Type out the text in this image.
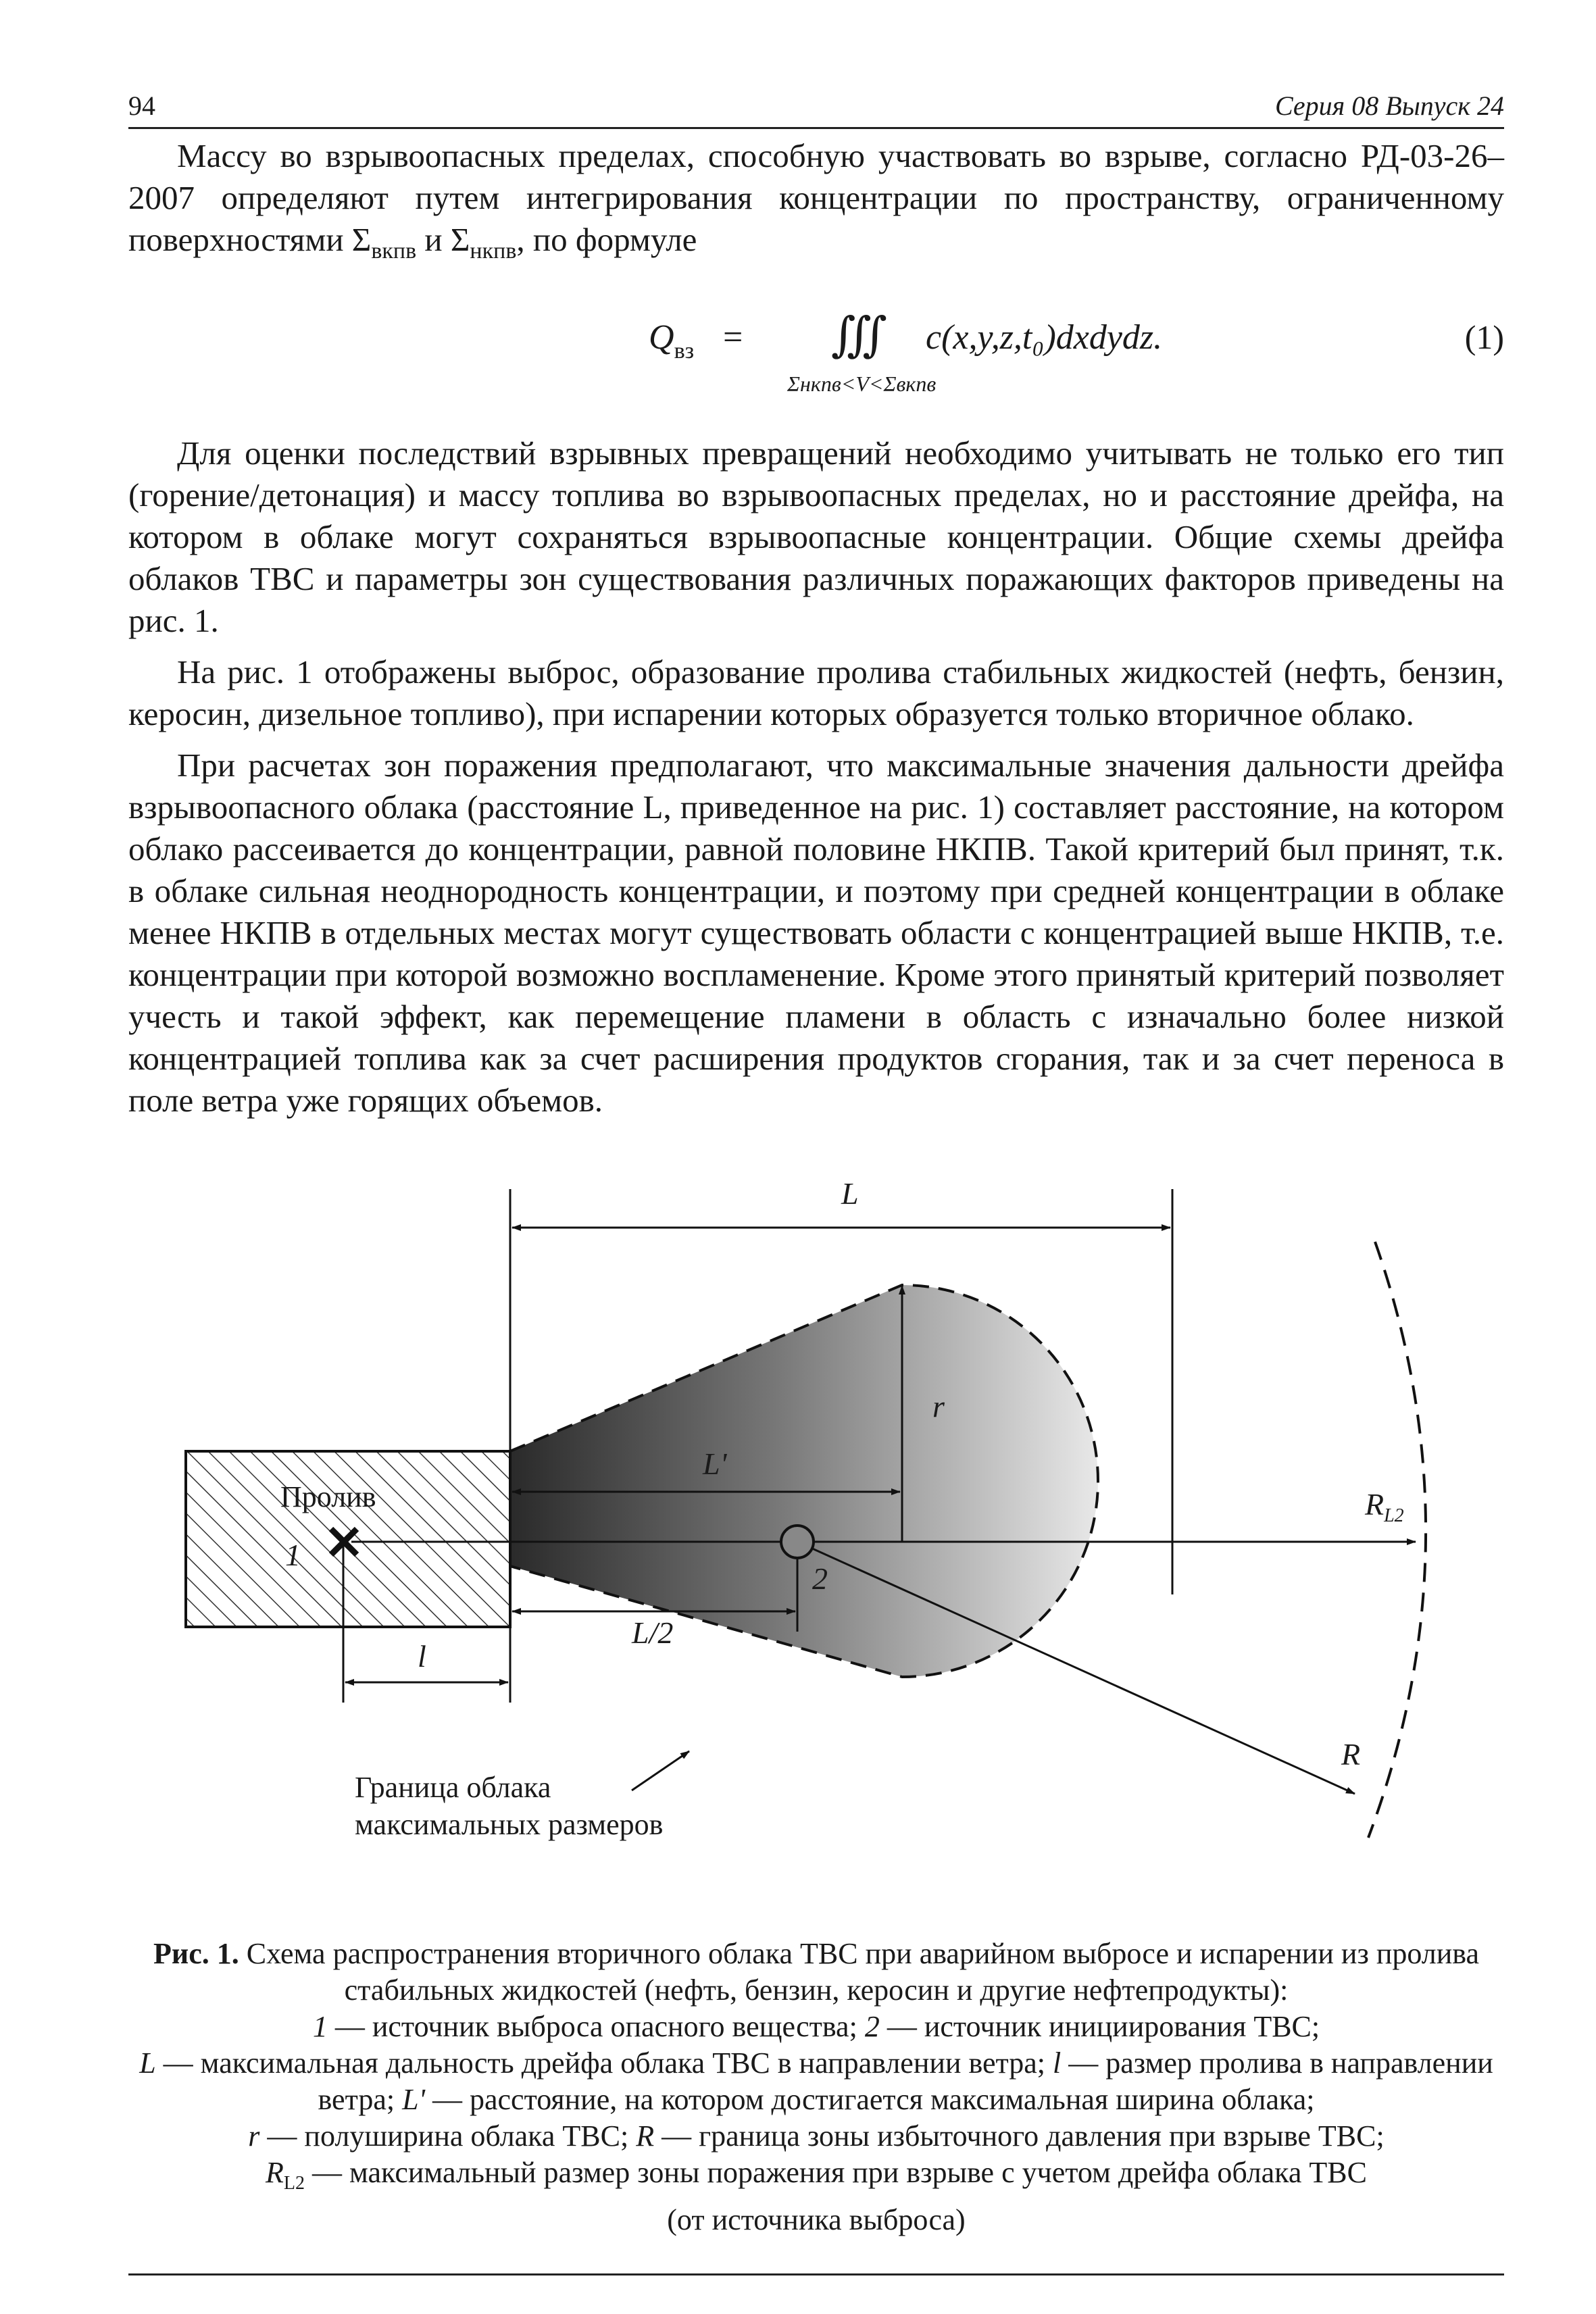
94	Серия 08 Выпуск 24

Массу во взрывоопасных пределах, способную участвовать во взрыве, согласно РД-03-26–2007 определяют путем интегрирования концентрации по пространству, ограниченному поверхностями $\Sigma_{вкпв}$ и $\Sigma_{нкпв}$, по формуле

$Q_{вз}$ = ∭ c(x,y,z,t₀)dxdydz.
Σнкпв<V<Σвкпв
(1)

Для оценки последствий взрывных превращений необходимо учитывать не только его тип (горение/детонация) и массу топлива во взрывоопасных пределах, но и расстояние дрейфа, на котором в облаке могут сохраняться взрывоопасные концентрации. Общие схемы дрейфа облаков ТВС и параметры зон существования различных поражающих факторов приведены на рис. 1.

На рис. 1 отображены выброс, образование пролива стабильных жидкостей (нефть, бензин, керосин, дизельное топливо), при испарении которых образуется только вторичное облако.

При расчетах зон поражения предполагают, что максимальные значения дальности дрейфа взрывоопасного облака (расстояние L, приведенное на рис. 1) составляет расстояние, на котором облако рассеивается до концентрации, равной половине НКПВ. Такой критерий был принят, т.к. в облаке сильная неоднородность концентрации, и поэтому при средней концентрации в облаке менее НКПВ в отдельных местах могут существовать области с концентрацией выше НКПВ, т.е. концентрации при которой возможно воспламенение. Кроме этого принятый критерий позволяет учесть и такой эффект, как перемещение пламени в область с изначально более низкой концентрацией топлива как за счет расширения продуктов сгорания, так и за счет переноса в поле ветра уже горящих объемов.

L
r
L'
L/2
l
1
2
$R_{L2}$
R
Пролив
Граница облака
максимальных размеров
Рис. 1. Схема распространения вторичного облака ТВС при аварийном выбросе и испарении из пролива стабильных жидкостей (нефть, бензин, керосин и другие нефтепродукты):
1 — источник выброса опасного вещества; 2 — источник инициирования ТВС;
L — максимальная дальность дрейфа облака ТВС в направлении ветра; l — размер пролива в направлении ветра; L' — расстояние, на котором достигается максимальная ширина облака;
r — полуширина облака ТВС; R — граница зоны избыточного давления при взрыве ТВС;
$R_{L2}$ — максимальный размер зоны поражения при взрыве с учетом дрейфа облака ТВС
(от источника выброса)
